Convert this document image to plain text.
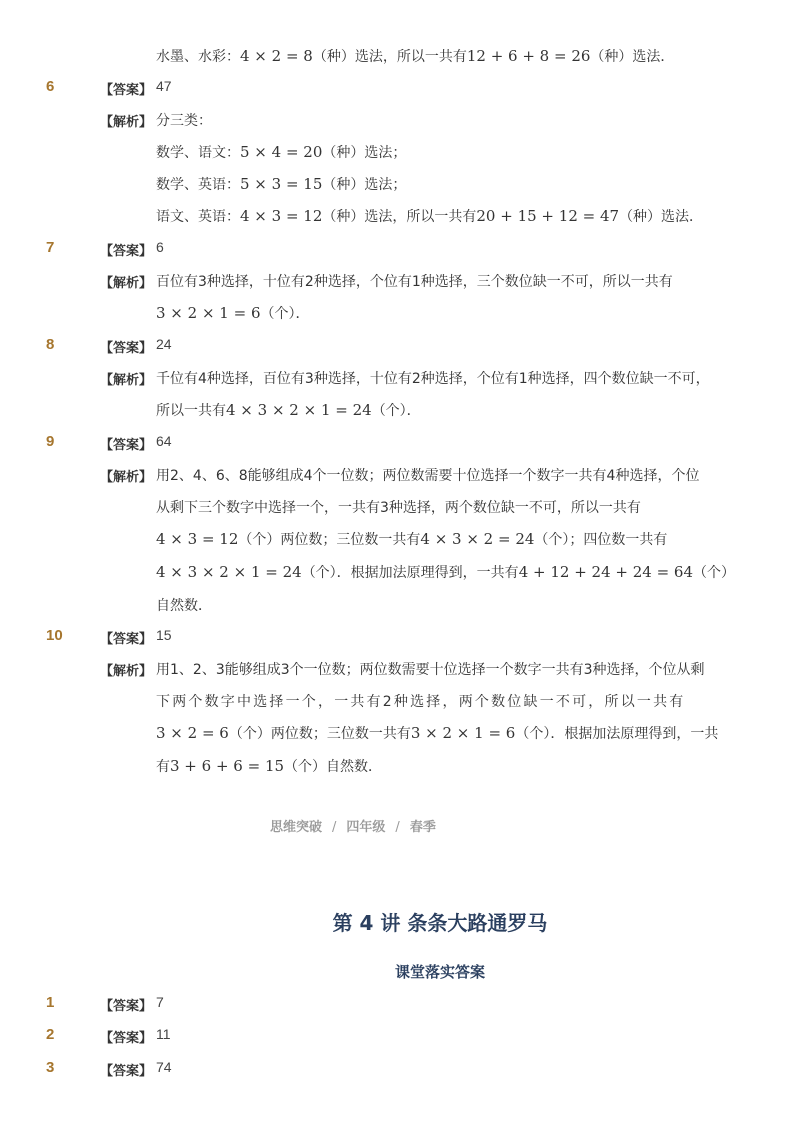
水墨、水彩：4 × 2 = 8（种）选法，所以一共有12 + 6 + 8 = 26（种）选法．
6	【答案】 47
【解析】 分三类：
数学、语文：5 × 4 = 20（种）选法；
数学、英语：5 × 3 = 15（种）选法；
语文、英语：4 × 3 = 12（种）选法，所以一共有20 + 15 + 12 = 47（种）选法．
7	【答案】 6
【解析】 百位有3种选择，十位有2种选择，个位有1种选择，三个数位缺一不可，所以一共有
3 × 2 × 1 = 6（个）．
8	【答案】 24
【解析】 千位有4种选择，百位有3种选择，十位有2种选择，个位有1种选择，四个数位缺一不可，
所以一共有4 × 3 × 2 × 1 = 24（个）．
9	【答案】 64
【解析】 用2、4、6、8能够组成4个一位数；两位数需要十位选择一个数字一共有4种选择，个位
从剩下三个数字中选择一个，一共有3种选择，两个数位缺一不可，所以一共有
4 × 3 = 12（个）两位数；三位数一共有4 × 3 × 2 = 24（个）；四位数一共有
4 × 3 × 2 × 1 = 24（个）．根据加法原理得到，一共有4 + 12 + 24 + 24 = 64（个）
自然数．
10	【答案】 15
【解析】 用1、2、3能够组成3个一位数；两位数需要十位选择一个数字一共有3种选择，个位从剩
下两个数字中选择一个，一共有2种选择，两个数位缺一不可，所以一共有
3 × 2 = 6（个）两位数；三位数一共有3 × 2 × 1 = 6（个）．根据加法原理得到，一共
有3 + 6 + 6 = 15（个）自然数．
思维突破 / 四年级 / 春季
第 4 讲 条条大路通罗马
课堂落实答案
1	【答案】 7
2	【答案】 11
3	【答案】 74
